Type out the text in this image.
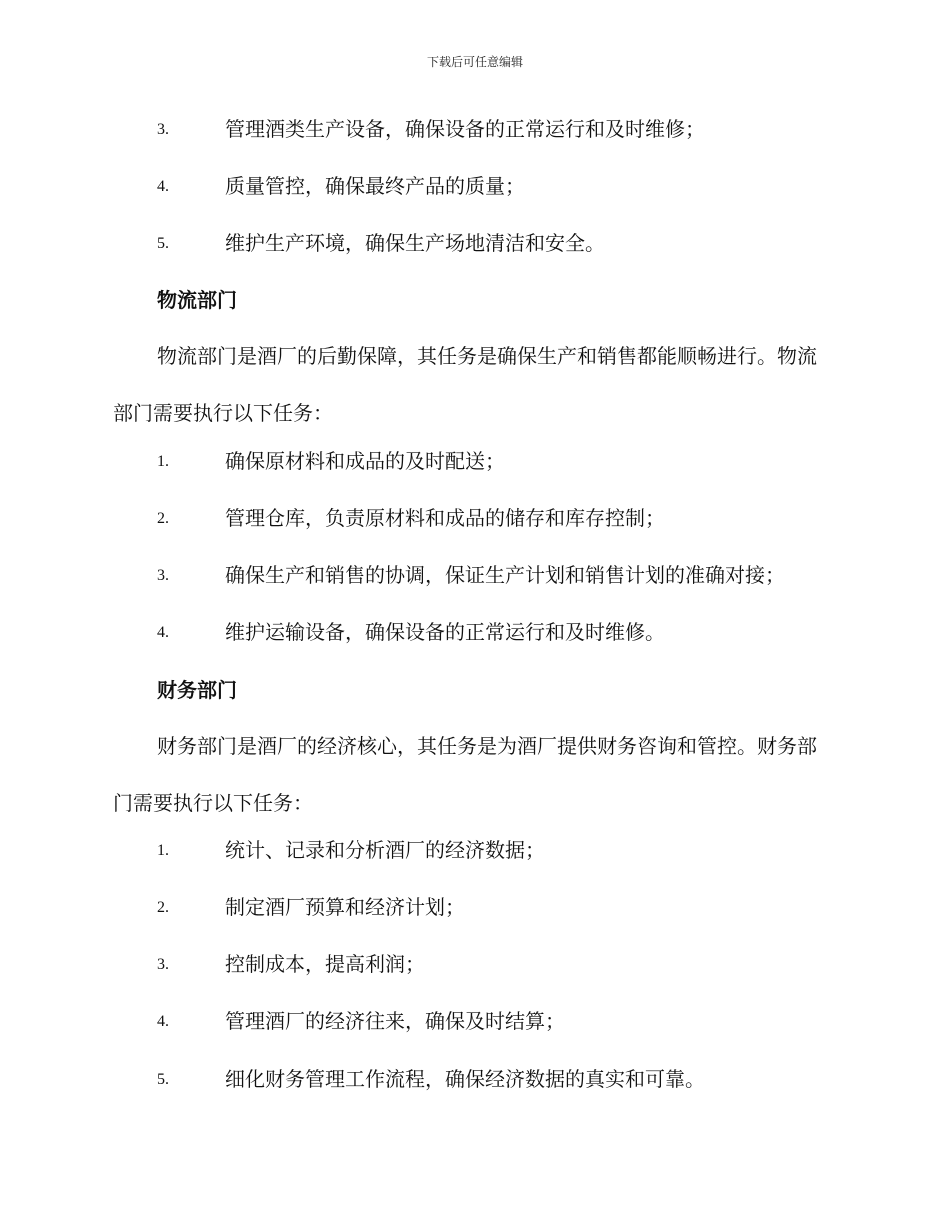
下载后可任意编辑
3.	管理酒类生产设备，确保设备的正常运行和及时维修；
4.	质量管控，确保最终产品的质量；
5.	维护生产环境，确保生产场地清洁和安全。
物流部门

物流部门是酒厂的后勤保障，其任务是确保生产和销售都能顺畅进行。物流部门需要执行以下任务：

1.	确保原材料和成品的及时配送；
2.	管理仓库，负责原材料和成品的储存和库存控制；
3.	确保生产和销售的协调，保证生产计划和销售计划的准确对接；
4.	维护运输设备，确保设备的正常运行和及时维修。
财务部门

财务部门是酒厂的经济核心，其任务是为酒厂提供财务咨询和管控。财务部门需要执行以下任务：

1.	统计、记录和分析酒厂的经济数据；
2.	制定酒厂预算和经济计划；
3.	控制成本，提高利润；
4.	管理酒厂的经济往来，确保及时结算；
5.	细化财务管理工作流程，确保经济数据的真实和可靠。
